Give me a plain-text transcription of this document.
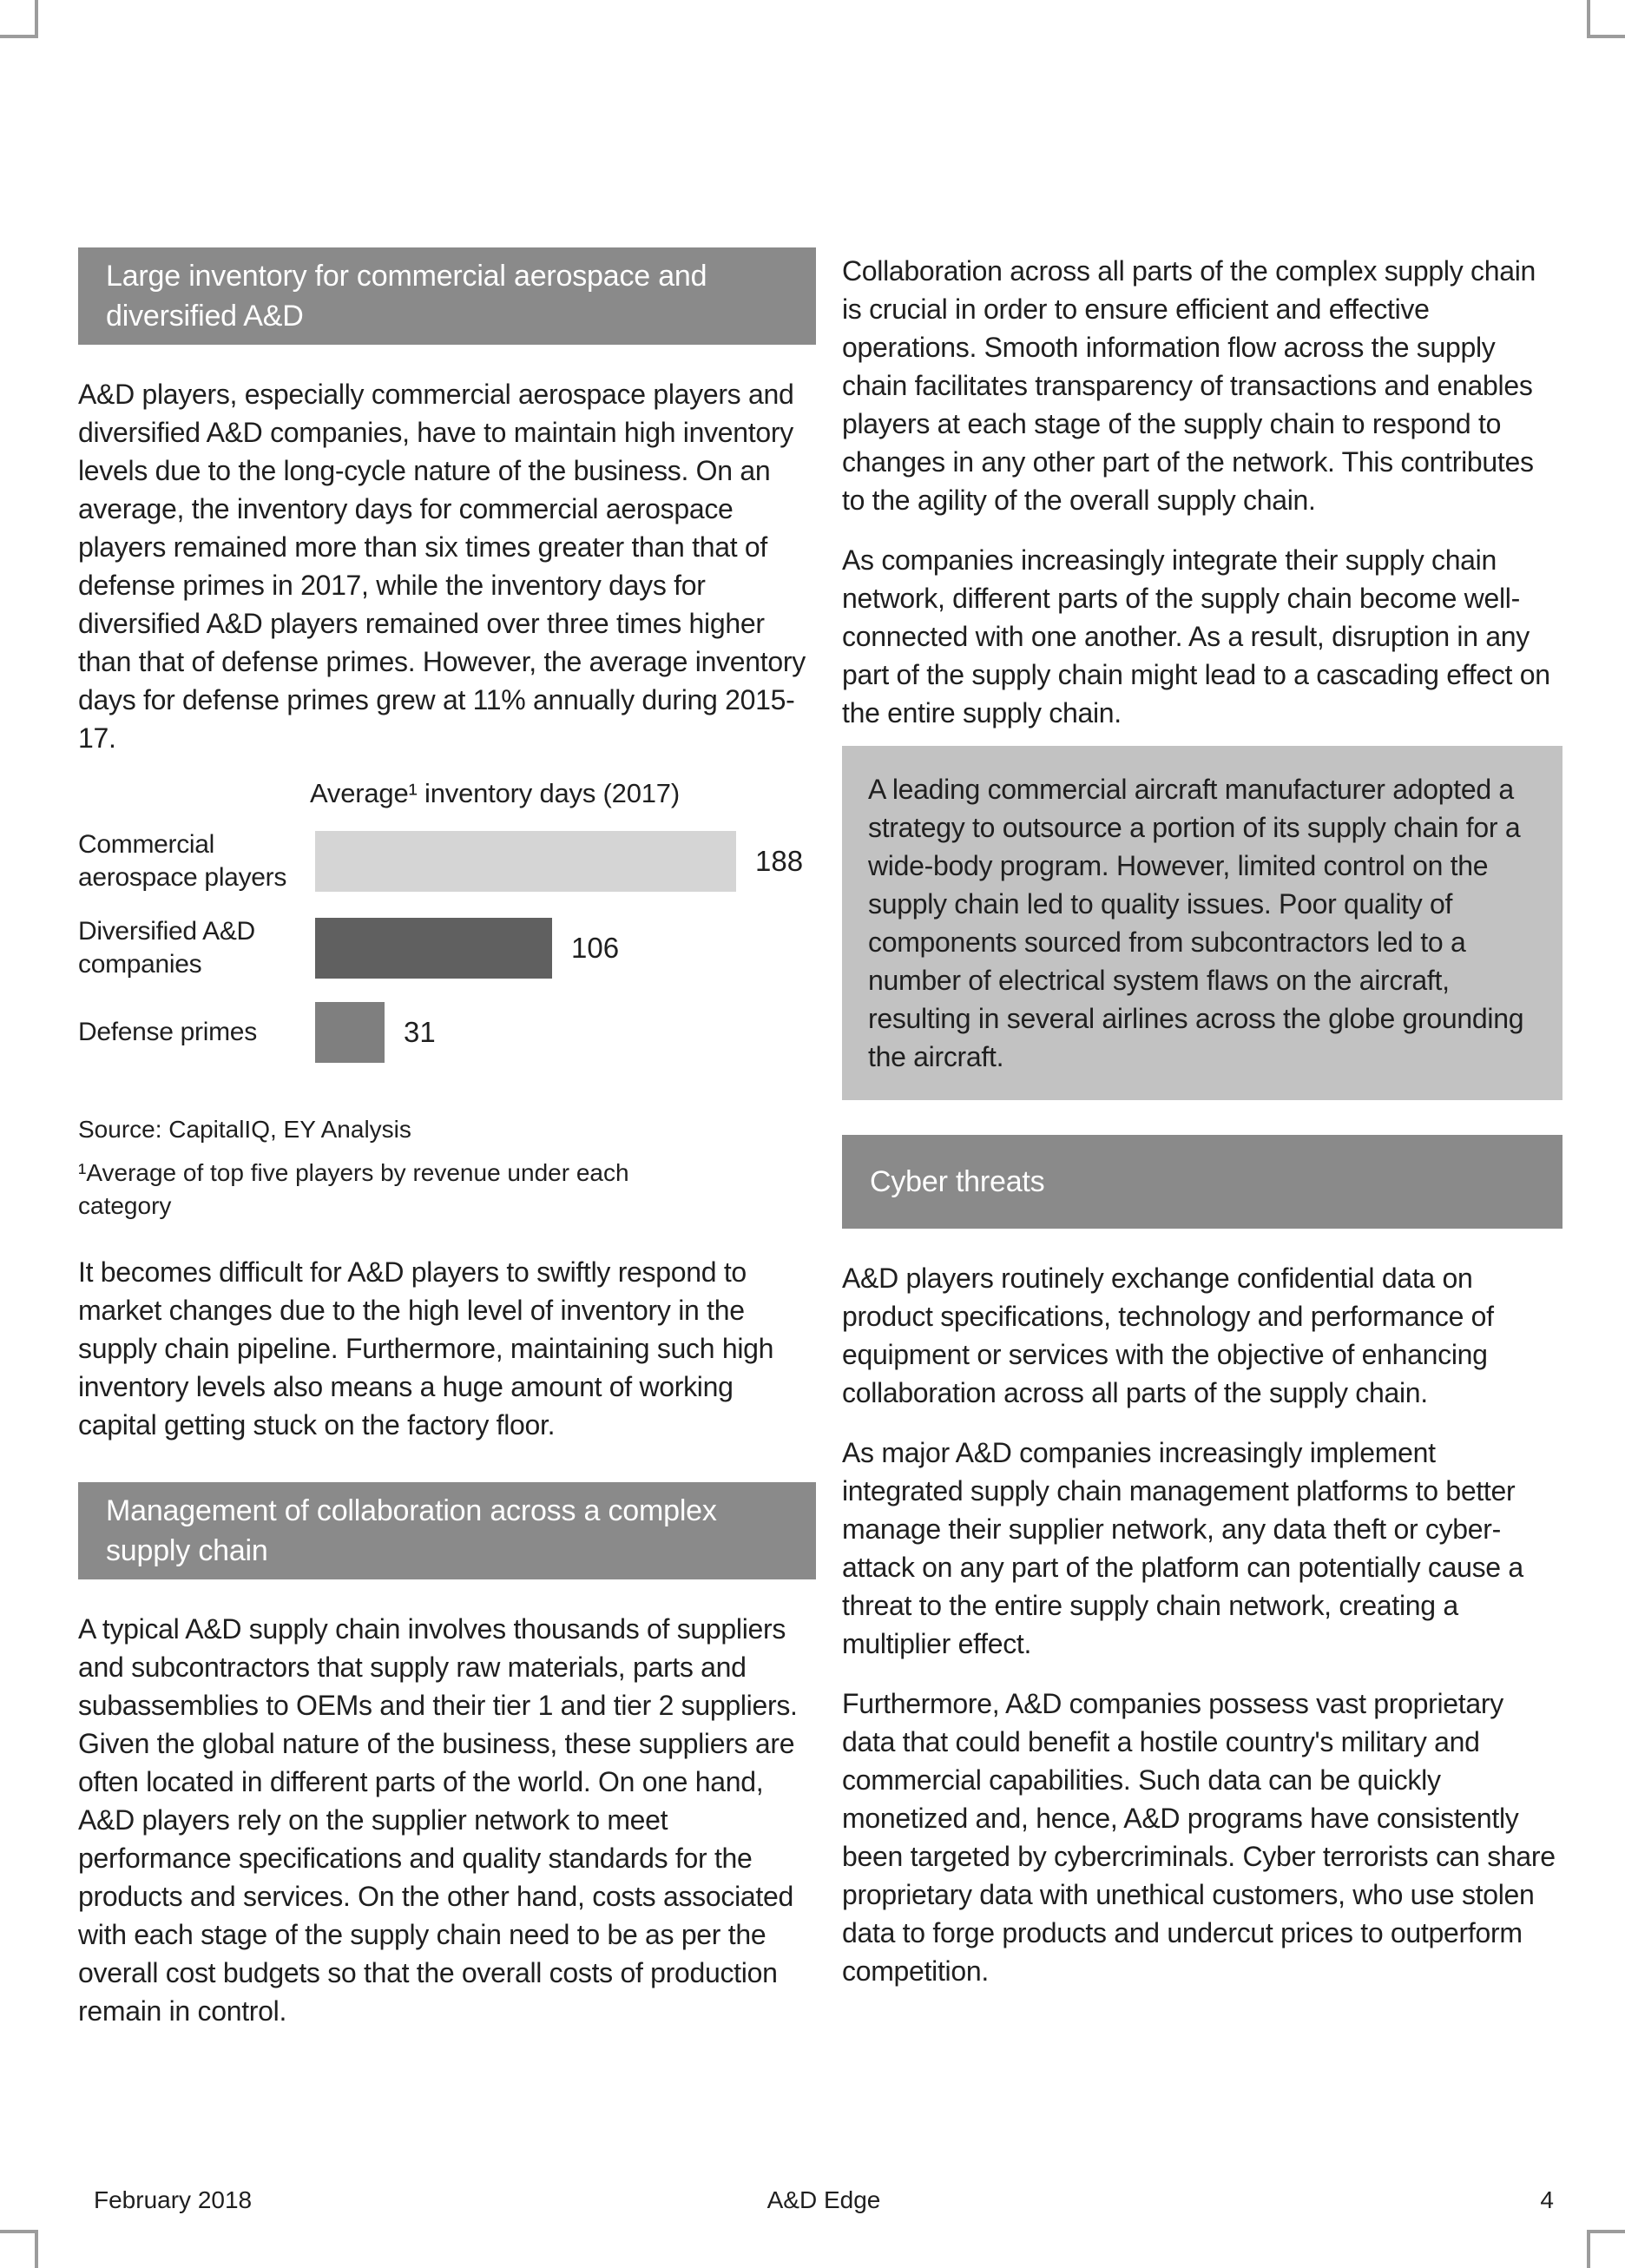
Large inventory for commercial aerospace and diversified A&D

A&D players, especially commercial aerospace players and diversified A&D companies, have to maintain high inventory levels due to the long-cycle nature of the business. On an average, the inventory days for commercial aerospace players remained more than six times greater than that of defense primes in 2017, while the inventory days for diversified A&D players remained over three times higher than that of defense primes. However, the average inventory days for defense primes grew at 11% annually during 2015-17.

Average¹ inventory days (2017)
Commercial aerospace players
188
Diversified A&D companies
106
Defense primes	31
Source: CapitalIQ, EY Analysis
¹Average of top five players by revenue under each category

It becomes difficult for A&D players to swiftly respond to market changes due to the high level of inventory in the supply chain pipeline. Furthermore, maintaining such high inventory levels also means a huge amount of working capital getting stuck on the factory floor.

Management of collaboration across a complex supply chain

A typical A&D supply chain involves thousands of suppliers and subcontractors that supply raw materials, parts and subassemblies to OEMs and their tier 1 and tier 2 suppliers. Given the global nature of the business, these suppliers are often located in different parts of the world. On one hand, A&D players rely on the supplier network to meet performance specifications and quality standards for the products and services. On the other hand, costs associated with each stage of the supply chain need to be as per the overall cost budgets so that the overall costs of production remain in control.

Collaboration across all parts of the complex supply chain is crucial in order to ensure efficient and effective operations. Smooth information flow across the supply chain facilitates transparency of transactions and enables players at each stage of the supply chain to respond to changes in any other part of the network. This contributes to the agility of the overall supply chain.

As companies increasingly integrate their supply chain network, different parts of the supply chain become well-connected with one another. As a result, disruption in any part of the supply chain might lead to a cascading effect on the entire supply chain.

A leading commercial aircraft manufacturer adopted a strategy to outsource a portion of its supply chain for a wide-body program. However, limited control on the supply chain led to quality issues. Poor quality of components sourced from subcontractors led to a number of electrical system flaws on the aircraft, resulting in several airlines across the globe grounding the aircraft.
Cyber threats

A&D players routinely exchange confidential data on product specifications, technology and performance of equipment or services with the objective of enhancing collaboration across all parts of the supply chain.

As major A&D companies increasingly implement integrated supply chain management platforms to better manage their supplier network, any data theft or cyber-attack on any part of the platform can potentially cause a threat to the entire supply chain network, creating a multiplier effect.

Furthermore, A&D companies possess vast proprietary data that could benefit a hostile country's military and commercial capabilities. Such data can be quickly monetized and, hence, A&D programs have consistently been targeted by cybercriminals. Cyber terrorists can share proprietary data with unethical customers, who use stolen data to forge products and undercut prices to outperform competition.

February 2018	A&D Edge	4
